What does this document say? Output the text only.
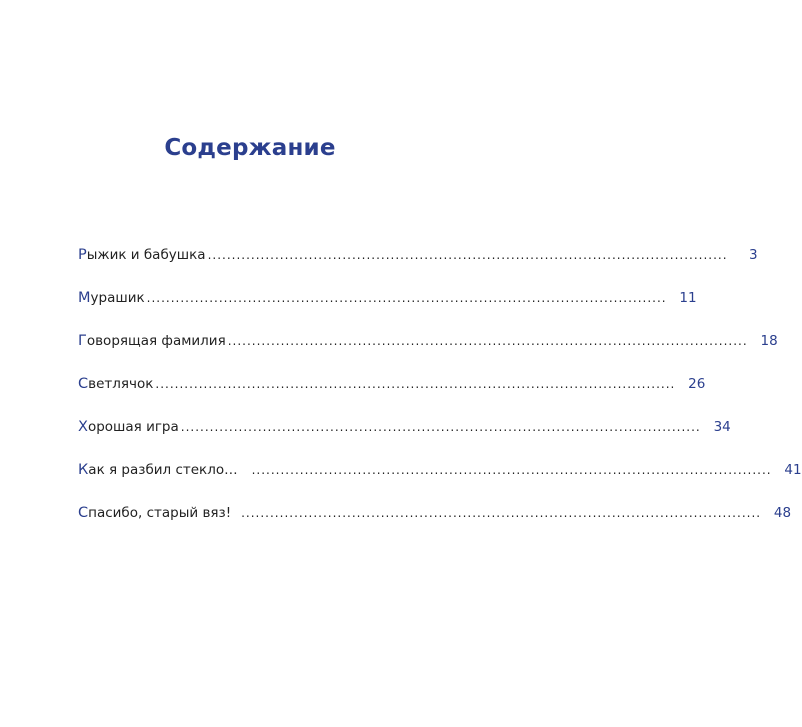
Содержание
Р ыжик и бабушка ............................................................................................................	3
М урашик ............................................................................................................ 11
Г оворящая фамилия ............................................................................................................ 18
С ветлячок ............................................................................................................ 26
Х орошая игра ............................................................................................................ 34
К ак я разбил стекло… ............................................................................................................ 41
С пасибо, старый вяз! ............................................................................................................ 48
